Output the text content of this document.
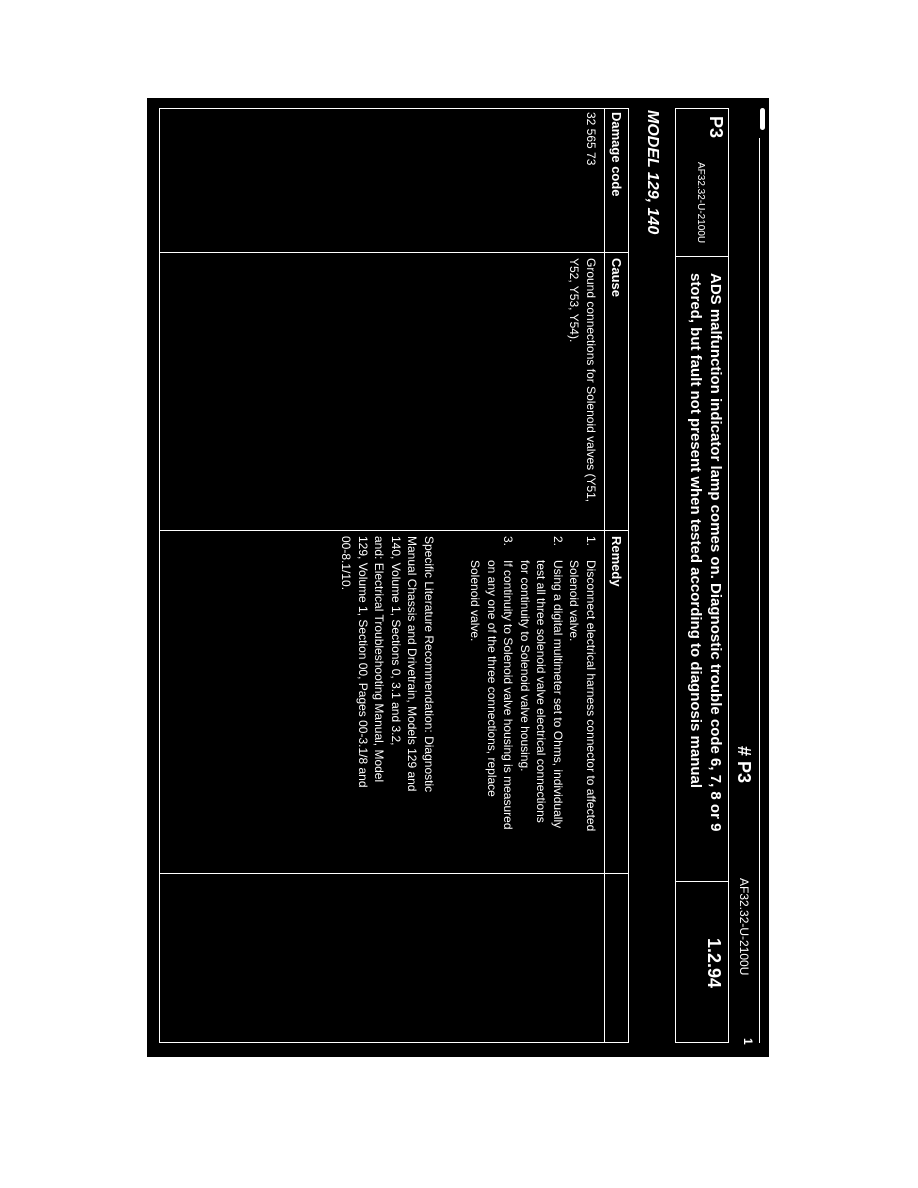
# P3
AF32.32-U-2100U
1
P3
AF32.32-U-2100U
ADS malfunction indicator lamp comes on. Diagnostic trouble code 6, 7, 8 or 9 stored, but fault not present when tested according to diagnosis manual
1.2.94
MODEL 129, 140
Damage code
Cause
Remedy
32 565 73
Ground connections for Solenoid valves (Y51, Y52, Y53, Y54).
1.
Disconnect electrical harness connector to affected Solenoid valve.
2.
Using a digital multimeter set to Ohms, individually test all three solenoid valve electrical connections for continuity to Solenoid valve housing.
3.
If continuity to Solenoid valve housing is measured on any one of the three connections, replace Solenoid valve.
Specific Literature Recommendation: Diagnostic Manual Chassis and Drivetrain, Models 129 and 140, Volume 1, Sections 0, 3.1 and 3.2,
and: Electrical Troubleshooting Manual, Model 129, Volume 1, Section 00, Pages 00-3.1/8 and 00-8.1/10.
